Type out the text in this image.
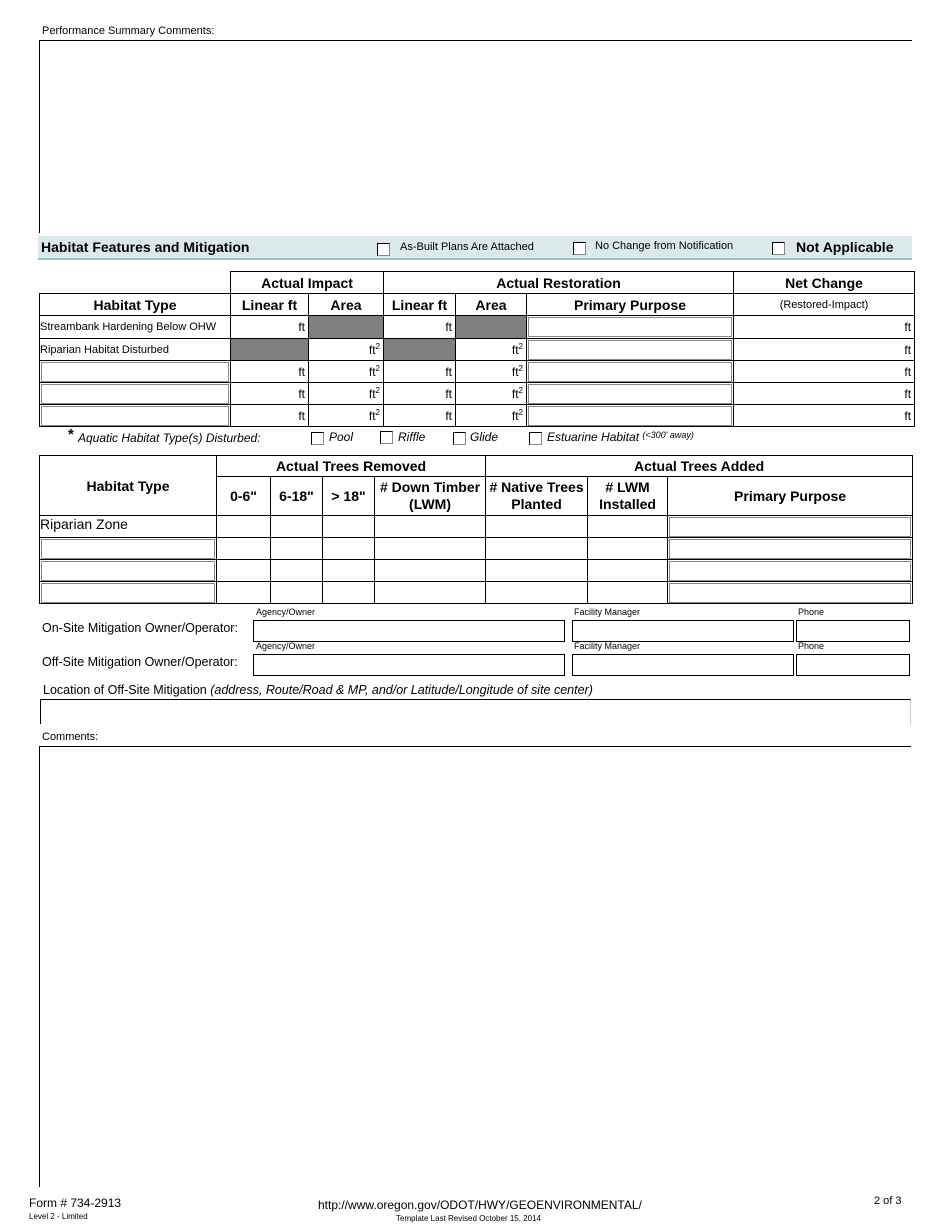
Performance Summary Comments:
Habitat Features and Mitigation	As-Built Plans Are Attached	No Change from Notification	Not Applicable
	Actual Impact		Actual Restoration			Net Change
Habitat Type	Linear ft	Area	Linear ft	Area	Primary Purpose	(Restored-Impact)
Streambank Hardening Below OHW	ft		ft			ft
Riparian Habitat Disturbed		$ft^2$		$ft^2$		ft

	ft	$ft^2$	ft	$ft^2$		ft

	ft	$ft^2$	ft	$ft^2$		ft

	ft	$ft^2$	ft	$ft^2$		ft
* Aquatic Habitat Type(s) Disturbed:	Pool	Riffle	Glide	Estuarine Habitat $^{(<300' away)}$
Habitat Type	Actual Trees Removed				Actual Trees Added		
	0-6"	6-18"	> 18"	# Down Timber (LWM)	# Native Trees Planted	# LWM Installed	Primary Purpose
Riparian Zone							

Agency/Owner	Facility Manager	Phone
On-Site Mitigation Owner/Operator:
Agency/Owner	Facility Manager	Phone
Off-Site Mitigation Owner/Operator:
Location of Off-Site Mitigation (address, Route/Road & MP, and/or Latitude/Longitude of site center)
Comments:
Form # 734-2913
Level 2 - Limited
http://www.oregon.gov/ODOT/HWY/GEOENVIRONMENTAL/
Template Last Revised October 15, 2014
2 of 3
